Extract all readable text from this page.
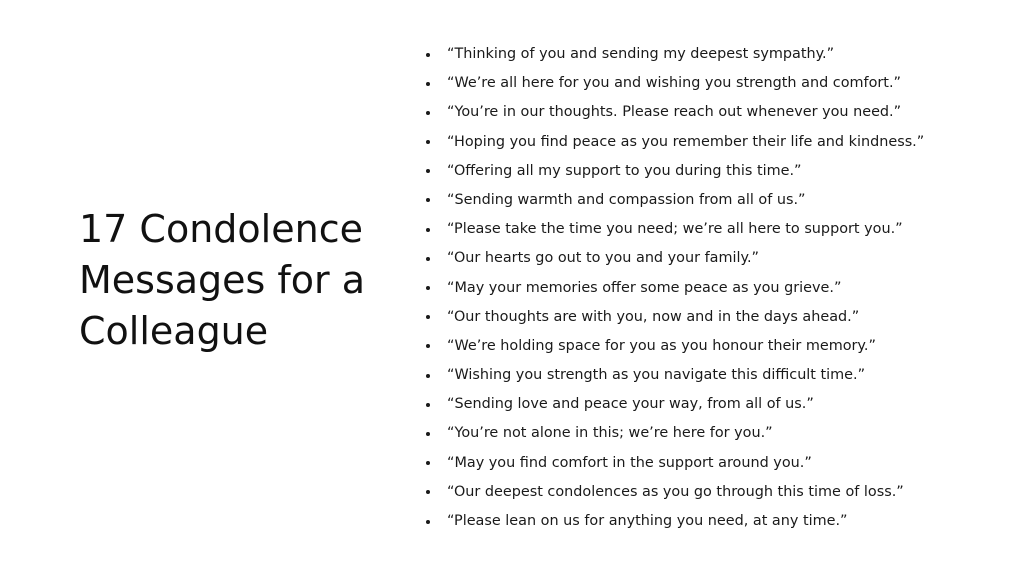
17 Condolence
Messages for a
Colleague
“Thinking of you and sending my deepest sympathy.”
“We’re all here for you and wishing you strength and comfort.”
“You’re in our thoughts. Please reach out whenever you need.”
“Hoping you find peace as you remember their life and kindness.”
“Offering all my support to you during this time.”
“Sending warmth and compassion from all of us.”
“Please take the time you need; we’re all here to support you.”
“Our hearts go out to you and your family.”
“May your memories offer some peace as you grieve.”
“Our thoughts are with you, now and in the days ahead.”
“We’re holding space for you as you honour their memory.”
“Wishing you strength as you navigate this difficult time.”
“Sending love and peace your way, from all of us.”
“You’re not alone in this; we’re here for you.”
“May you find comfort in the support around you.”
“Our deepest condolences as you go through this time of loss.”
“Please lean on us for anything you need, at any time.”
